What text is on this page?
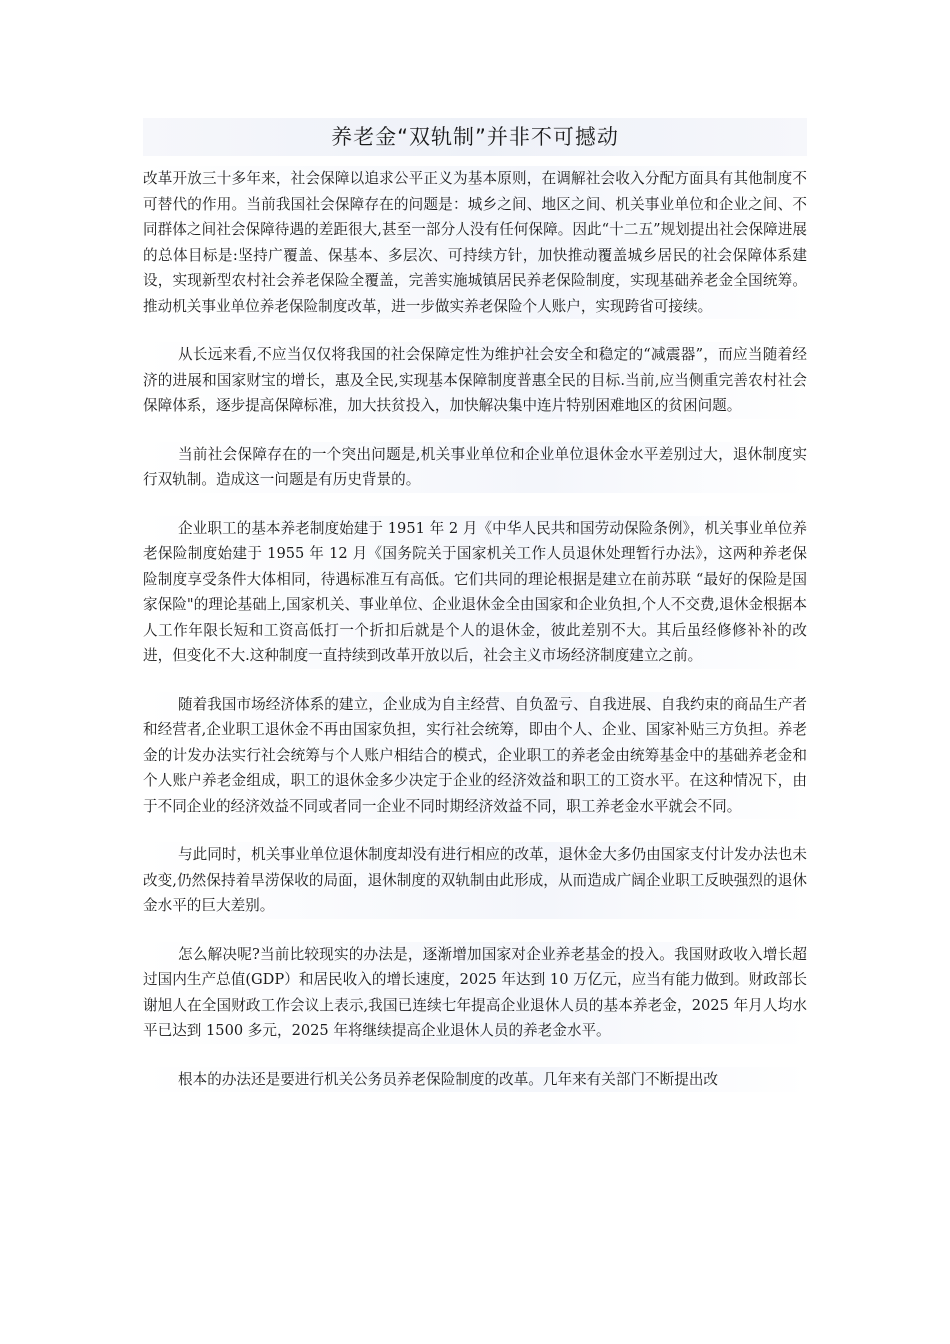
养老金“双轨制”并非不可撼动

改革开放三十多年来，社会保障以追求公平正义为基本原则，在调解社会收入分配方面具有其他制度不可替代的作用。当前我国社会保障存在的问题是：城乡之间、地区之间、机关事业单位和企业之间、不同群体之间社会保障待遇的差距很大,甚至一部分人没有任何保障。因此“十二五”规划提出社会保障进展的总体目标是:坚持广覆盖、保基本、多层次、可持续方针，加快推动覆盖城乡居民的社会保障体系建设，实现新型农村社会养老保险全覆盖，完善实施城镇居民养老保险制度，实现基础养老金全国统筹。推动机关事业单位养老保险制度改革，进一步做实养老保险个人账户，实现跨省可接续。

从长远来看,不应当仅仅将我国的社会保障定性为维护社会安全和稳定的“减震器”，而应当随着经济的进展和国家财宝的增长，惠及全民,实现基本保障制度普惠全民的目标.当前,应当侧重完善农村社会保障体系，逐步提高保障标准，加大扶贫投入，加快解决集中连片特别困难地区的贫困问题。

当前社会保障存在的一个突出问题是,机关事业单位和企业单位退休金水平差别过大，退休制度实行双轨制。造成这一问题是有历史背景的。

企业职工的基本养老制度始建于 1951 年 2 月《中华人民共和国劳动保险条例》，机关事业单位养老保险制度始建于 1955 年 12 月《国务院关于国家机关工作人员退休处理暂行办法》，这两种养老保险制度享受条件大体相同，待遇标准互有高低。它们共同的理论根据是建立在前苏联 “最好的保险是国家保险"的理论基础上,国家机关、事业单位、企业退休金全由国家和企业负担,个人不交费,退休金根据本人工作年限长短和工资高低打一个折扣后就是个人的退休金，彼此差别不大。其后虽经修修补补的改进，但变化不大.这种制度一直持续到改革开放以后，社会主义市场经济制度建立之前。

随着我国市场经济体系的建立，企业成为自主经营、自负盈亏、自我进展、自我约束的商品生产者和经营者,企业职工退休金不再由国家负担，实行社会统筹，即由个人、企业、国家补贴三方负担。养老金的计发办法实行社会统筹与个人账户相结合的模式，企业职工的养老金由统筹基金中的基础养老金和个人账户养老金组成，职工的退休金多少决定于企业的经济效益和职工的工资水平。在这种情况下，由于不同企业的经济效益不同或者同一企业不同时期经济效益不同，职工养老金水平就会不同。

与此同时，机关事业单位退休制度却没有进行相应的改革，退休金大多仍由国家支付计发办法也未改变,仍然保持着旱涝保收的局面，退休制度的双轨制由此形成，从而造成广阔企业职工反映强烈的退休金水平的巨大差别。

怎么解决呢?当前比较现实的办法是，逐渐增加国家对企业养老基金的投入。我国财政收入增长超过国内生产总值(GDP）和居民收入的增长速度，2025 年达到 10 万亿元，应当有能力做到。财政部长谢旭人在全国财政工作会议上表示,我国已连续七年提高企业退休人员的基本养老金，2025 年月人均水平已达到 1500 多元，2025 年将继续提高企业退休人员的养老金水平。

根本的办法还是要进行机关公务员养老保险制度的改革。几年来有关部门不断提出改
